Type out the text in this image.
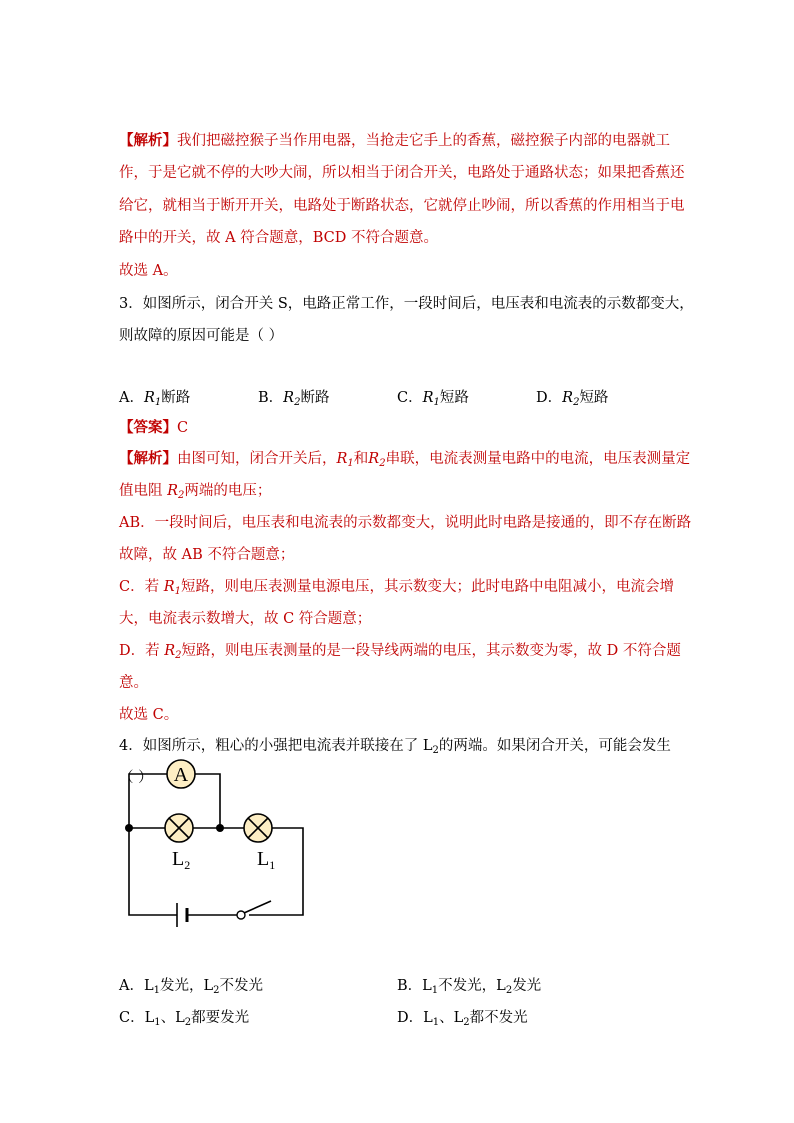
【解析】我们把磁控猴子当作用电器，当抢走它手上的香蕉，磁控猴子内部的电器就工
作，于是它就不停的大吵大闹，所以相当于闭合开关，电路处于通路状态；如果把香蕉还
给它，就相当于断开开关，电路处于断路状态，它就停止吵闹，所以香蕉的作用相当于电
路中的开关，故 A 符合题意，BCD 不符合题意。
故选 A。
3．如图所示，闭合开关 S，电路正常工作，一段时间后，电压表和电流表的示数都变大，
则故障的原因可能是（ ）
A．$R_1$断路	B．$R_2$断路	C．$R_1$短路	D．$R_2$短路
【答案】C
【解析】由图可知，闭合开关后，$R_1$和$R_2$串联，电流表测量电路中的电流，电压表测量定
值电阻 $R_2$两端的电压；
AB．一段时间后，电压表和电流表的示数都变大，说明此时电路是接通的，即不存在断路
故障，故 AB 不符合题意；
C．若 $R_1$短路，则电压表测量电源电压，其示数变大；此时电路中电阻减小，电流会增
大，电流表示数增大，故 C 符合题意；
D．若 $R_2$短路，则电压表测量的是一段导线两端的电压，其示数变为零，故 D 不符合题
意。
故选 C。
4．如图所示，粗心的小强把电流表并联接在了 $L_2$的两端。如果闭合开关，可能会发生
（ ） A
$L_2$	$L_1$
A．$L_1$发光，$L_2$不发光	B．$L_1$不发光，$L_2$发光
C．$L_1$、$L_2$都要发光	D．$L_1$、$L_2$都不发光
